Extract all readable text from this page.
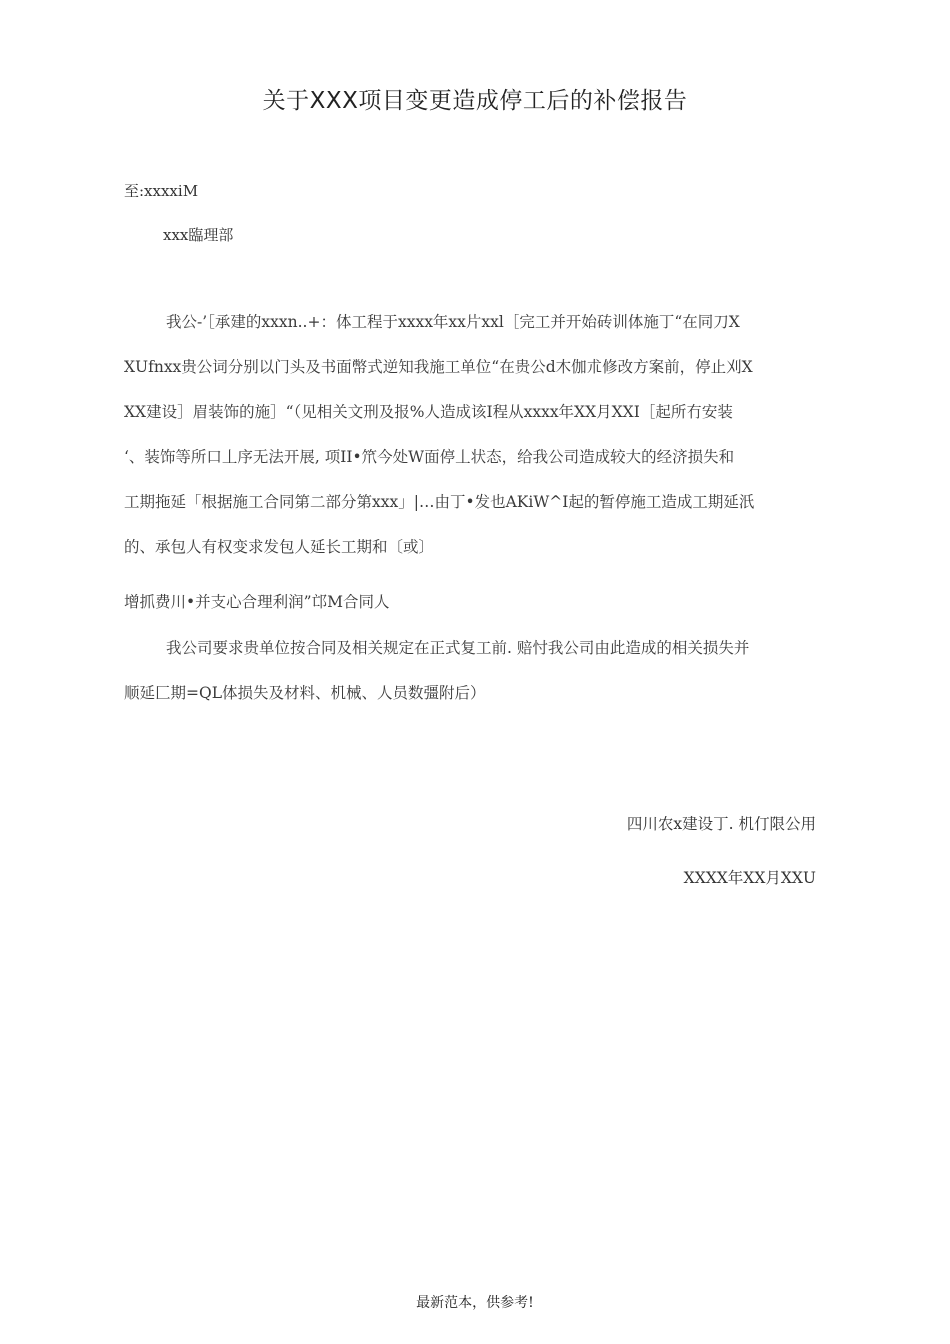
关于XXX项目变更造成停工后的补偿报告
至:xxxxiM
xxx臨理部
我公-’［承建的xxxn..+：体工程于xxxx年xx片xxl［完工并开始砖训体施丁“在同刀X
XUfnxx贵公词分别以门头及书面幣式逆知我施工单位“在贵公d木伽朮修改方案前，停止刈X
XX建设］眉装饰的施］“（见相关文刑及报%人造成该I程从xxxx年XX月XXI［起所冇安装
‘、装饰等所口丄序无法开展, 项II•笊今处W面停丄状态，给我公司造成较大的经济损失和
工期拖延「根据施工合同第二部分第xxx」|…由丁•发也AKiW^I起的暂停施工造成工期延汦
的、承包人有权变求发包人延长工期和〔或〕
增抓费川•并支心合理利润”邙M合同人
我公司要求贵单位按合同及相关规定在正式复工前. 赔忖我公司由此造成的相关损失并
顺延匚期=QL体损失及材料、机械、人员数彊附后）
四川农x建设丁. 机仃限公用
XXXX年XX月XXU
最新范本，供参考!
